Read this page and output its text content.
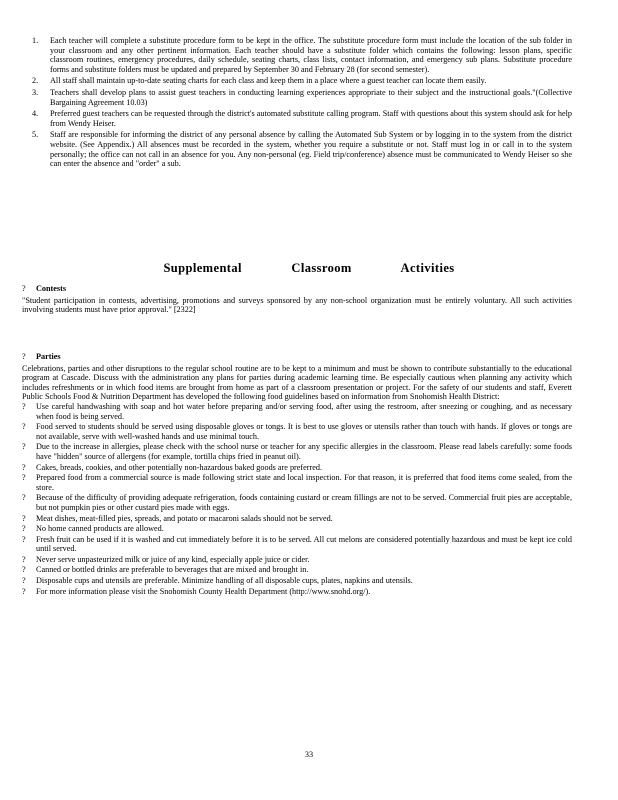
1. Each teacher will complete a substitute procedure form to be kept in the office. The substitute procedure form must include the location of the sub folder in your classroom and any other pertinent information. Each teacher should have a substitute folder which contains the following: lesson plans, specific classroom routines, emergency procedures, daily schedule, seating charts, class lists, contact information, and emergency sub plans. Substitute procedure forms and substitute folders must be updated and prepared by September 30 and February 28 (for second semester).
2. All staff shall maintain up-to-date seating charts for each class and keep them in a place where a guest teacher can locate them easily.
3. Teachers shall develop plans to assist guest teachers in conducting learning experiences appropriate to their subject and the instructional goals."(Collective Bargaining Agreement 10.03)
4. Preferred guest teachers can be requested through the district's automated substitute calling program. Staff with questions about this system should ask for help from Wendy Heiser.
5. Staff are responsible for informing the district of any personal absence by calling the Automated Sub System or by logging in to the system from the district website. (See Appendix.) All absences must be recorded in the system, whether you require a substitute or not. Staff must log in or call in to the system personally; the office can not call in an absence for you. Any non-personal (eg. Field trip/conference) absence must be communicated to Wendy Heiser so she can enter the absence and "order" a sub.
Supplemental Classroom Activities
? Contests

"Student participation in contests, advertising, promotions and surveys sponsored by any non-school organization must be entirely voluntary. All such activities involving students must have prior approval." [2322]

? Parties

Celebrations, parties and other disruptions to the regular school routine are to be kept to a minimum and must be shown to contribute substantially to the educational program at Cascade. Discuss with the administration any plans for parties during academic learning time. Be especially cautious when planning any activity which includes refreshments or in which food items are brought from home as part of a classroom presentation or project. For the safety of our students and staff, Everett Public Schools Food & Nutrition Department has developed the following food guidelines based on information from Snohomish Health District:

? Use careful handwashing with soap and hot water before preparing and/or serving food, after using the restroom, after sneezing or coughing, and as necessary when food is being served.
? Food served to students should be served using disposable gloves or tongs. It is best to use gloves or utensils rather than touch with hands. If gloves or tongs are not available, serve with well-washed hands and use minimal touch.
? Due to the increase in allergies, please check with the school nurse or teacher for any specific allergies in the classroom. Please read labels carefully: some foods have "hidden" source of allergens (for example, tortilla chips fried in peanut oil).
? Cakes, breads, cookies, and other potentially non-hazardous baked goods are preferred.
? Prepared food from a commercial source is made following strict state and local inspection. For that reason, it is preferred that food items come sealed, from the store.
? Because of the difficulty of providing adequate refrigeration, foods containing custard or cream fillings are not to be served. Commercial fruit pies are acceptable, but not pumpkin pies or other custard pies made with eggs.
? Meat dishes, meat-filled pies, spreads, and potato or macaroni salads should not be served.
? No home canned products are allowed.
? Fresh fruit can be used if it is washed and cut immediately before it is to be served. All cut melons are considered potentially hazardous and must be kept ice cold until served.
? Never serve unpasteurized milk or juice of any kind, especially apple juice or cider.
? Canned or bottled drinks are preferable to beverages that are mixed and brought in.
? Disposable cups and utensils are preferable. Minimize handling of all disposable cups, plates, napkins and utensils.
? For more information please visit the Snohomish County Health Department (http://www.snohd.org/).
33
